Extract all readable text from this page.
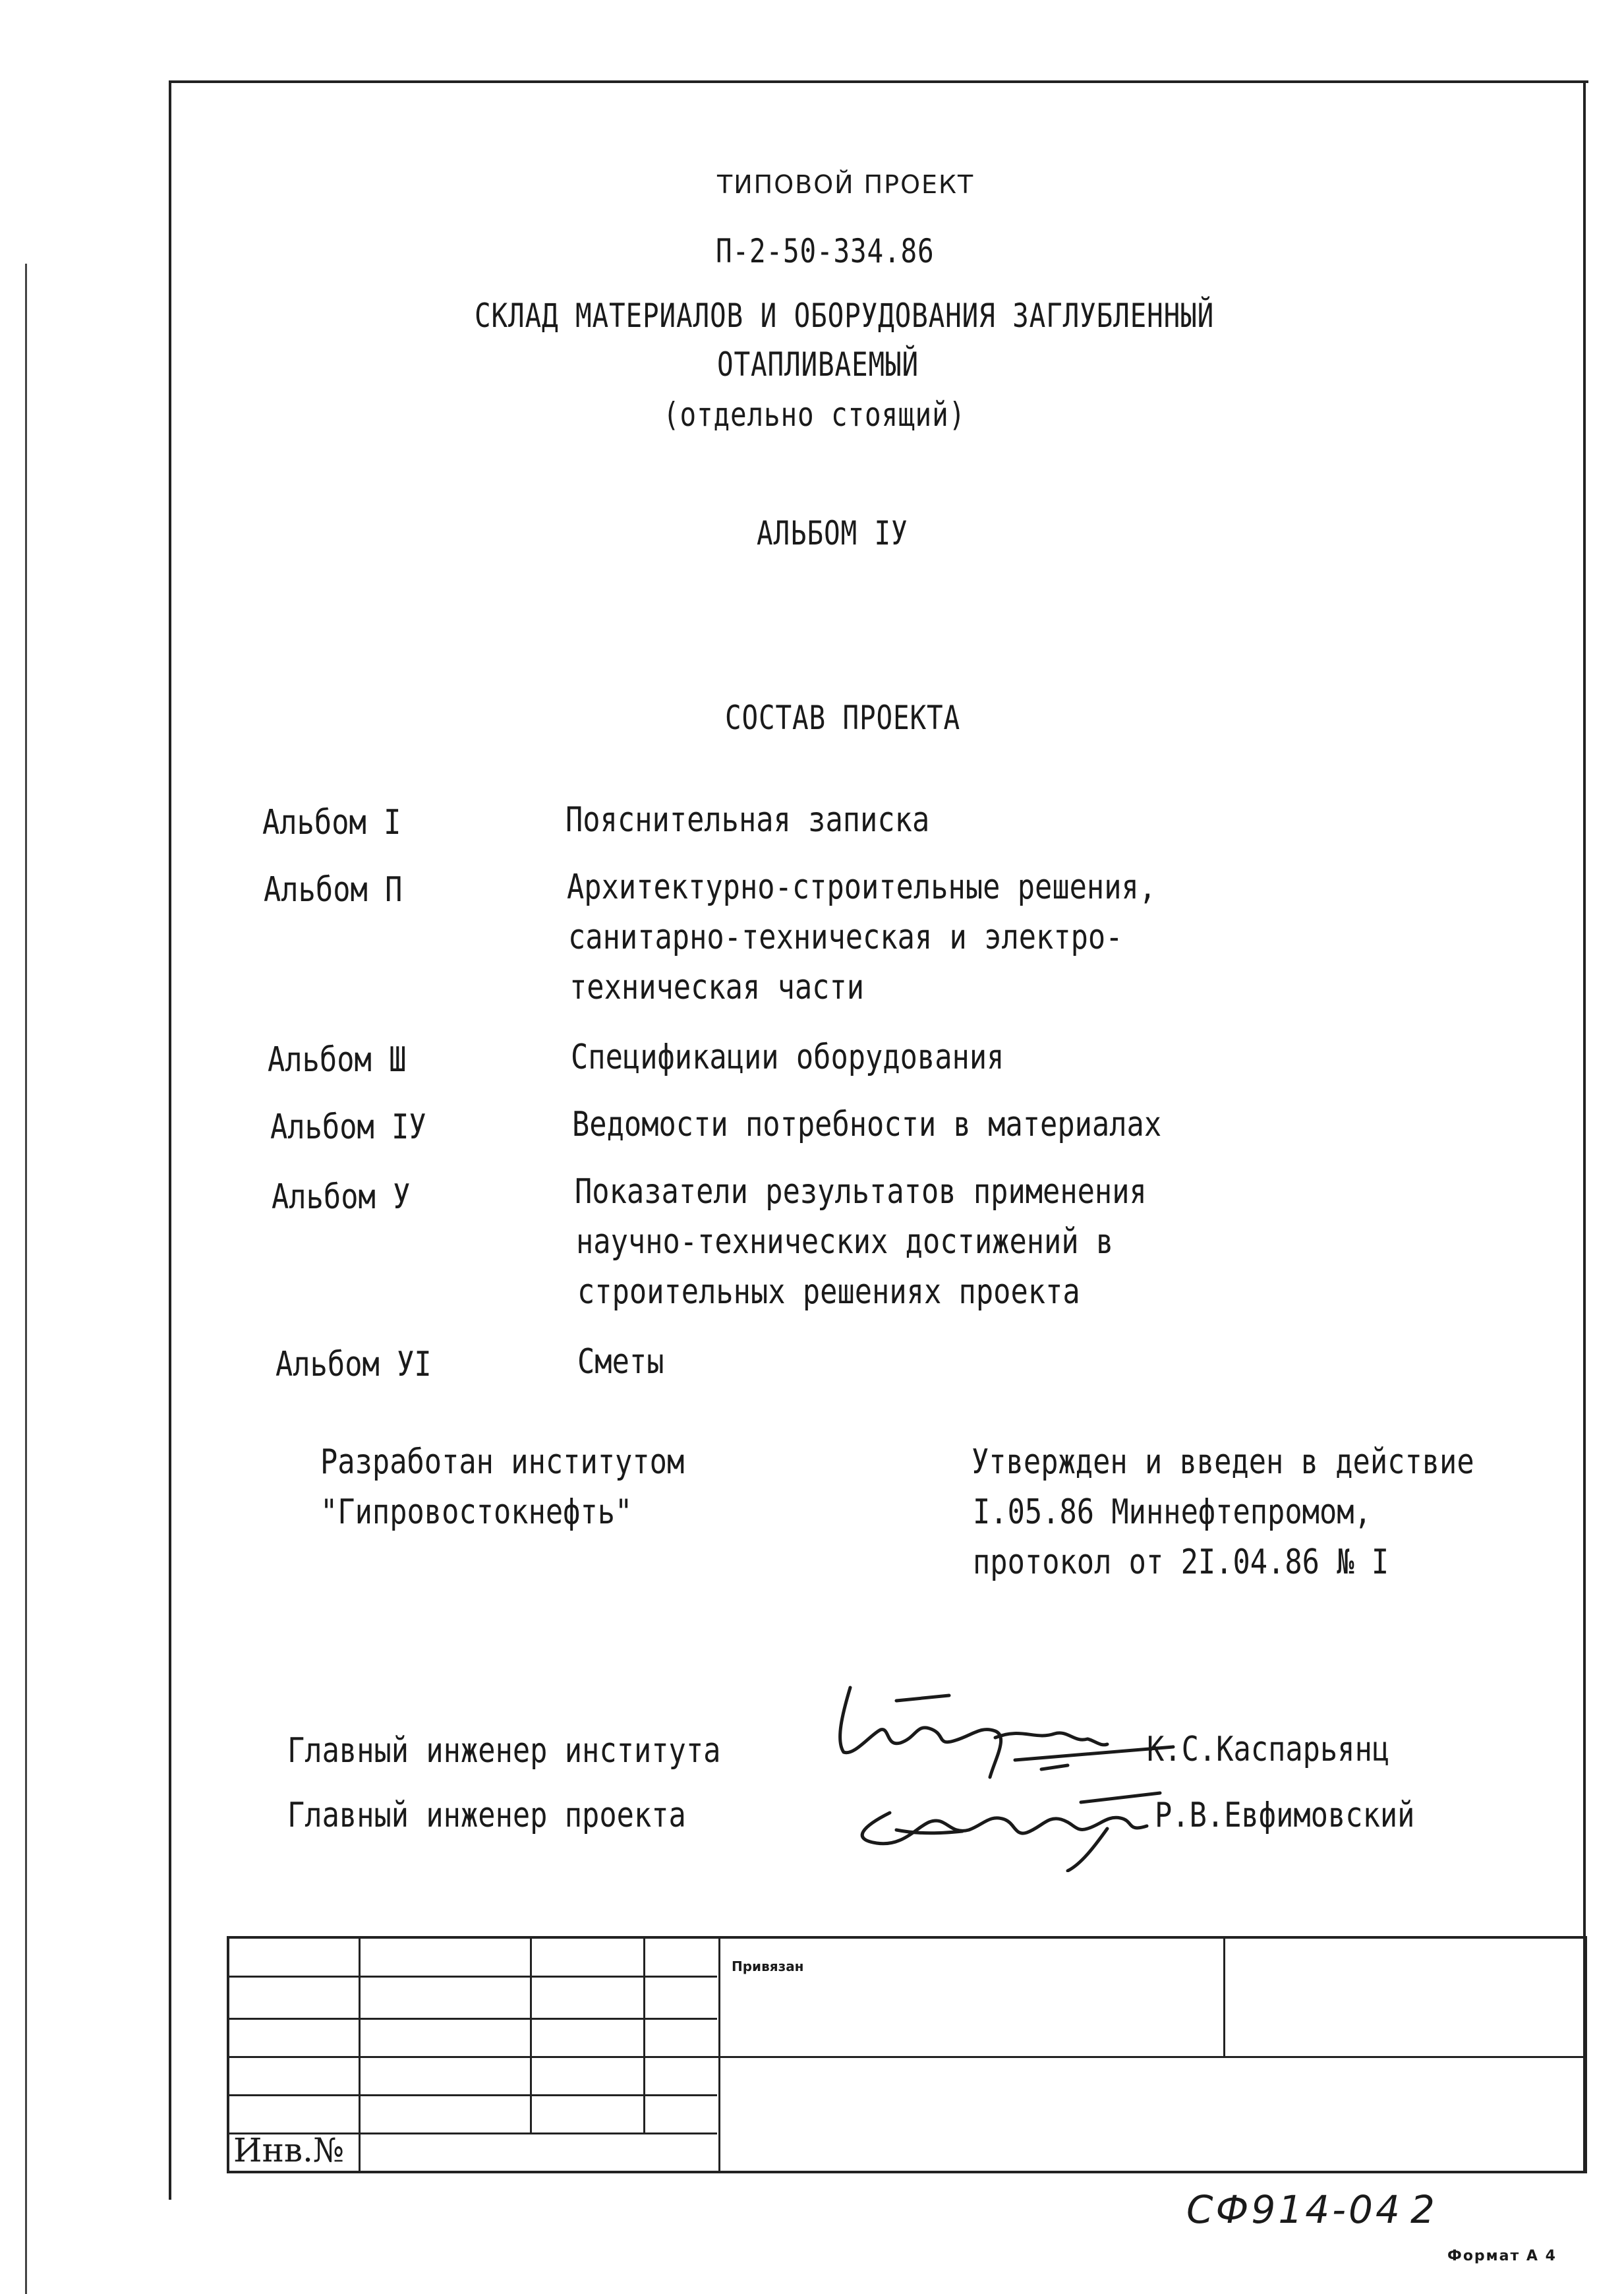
ТИПОВОЙ ПРОЕКТ
П-2-50-334.86
СКЛАД МАТЕРИАЛОВ И ОБОРУДОВАНИЯ ЗАГЛУБЛЕННЫЙ
ОТАПЛИВАЕМЫЙ
(отдельно стоящий)
АЛЬБОМ IУ
СОСТАВ ПРОЕКТА
Альбом I	Пояснительная записка
Альбом П	Архитектурно-строительные решения,
санитарно-техническая и электро-
техническая части
Альбом Ш	Спецификации оборудования
Альбом IУ	Ведомости потребности в материалах
Альбом У	Показатели результатов применения
научно-технических достижений в
строительных решениях проекта
Альбом УI	Сметы
Разработан институтом
"Гипровостокнефть"
Утвержден и введен в действие
I.05.86 Миннефтепромом,
протокол от 2I.04.86 № I
Главный инженер института	К.С.Каспарьянц
Главный инженер проекта	Р.В.Евфимовский
Привязан
Инв.№
СФ914-04 2
Формат А 4
